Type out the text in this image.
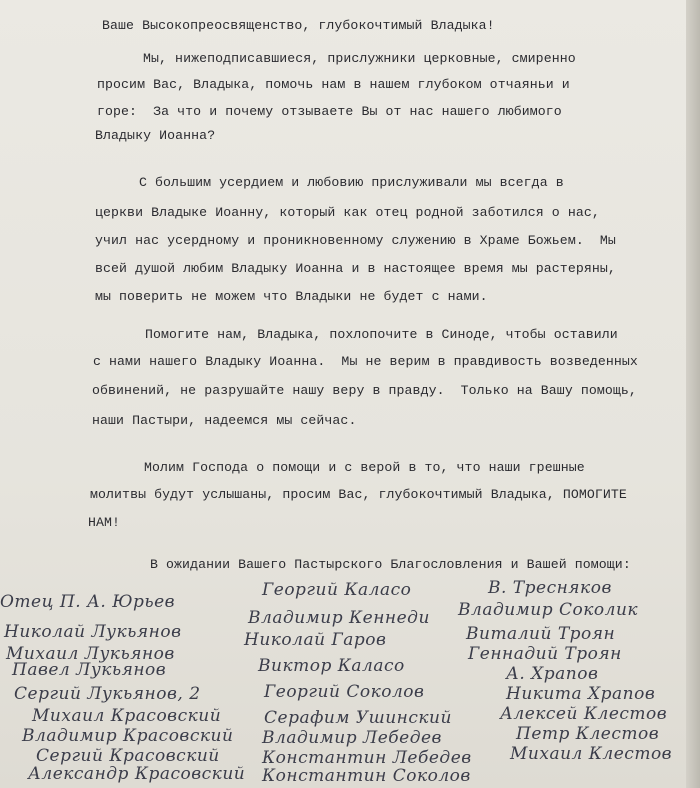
Ваше Высокопреосвященство, глубокочтимый Владыка!
Мы, нижеподписавшиеся, прислужники церковные, смиренно
просим Вас, Владыка, помочь нам в нашем глубоком отчаяньи и
горе:  За что и почему отзываете Вы от нас нашего любимого
Владыку Иоанна?
С большим усердием и любовию прислуживали мы всегда в
церкви Владыке Иоанну, который как отец родной заботился о нас,
учил нас усердному и проникновенному служению в Храме Божьем.  Мы
всей душой любим Владыку Иоанна и в настоящее время мы растеряны,
мы поверить не можем что Владыки не будет с нами.
Помогите нам, Владыка, похлопочите в Синоде, чтобы оставили
с нами нашего Владыку Иоанна.  Мы не верим в правдивость возведенных
обвинений, не разрушайте нашу веру в правду.  Только на Вашу помощь,
наши Пастыри, надеемся мы сейчас.
Молим Господа о помощи и с верой в то, что наши грешные
молитвы будут услышаны, просим Вас, глубокочтимый Владыка, ПОМОГИТЕ
НАМ!
В ожидании Вашего Пастырского Благословления и Вашей помощи:
Отец П. А. Юрьев
Николай Лукьянов
Михаил Лукьянов
Павел Лукьянов
Сергий Лукьянов, 2
Михаил Красовский
Владимир Красовский
Сергий Красовский
Александр Красовский
Георгий Каласо
Владимир Кеннеди
Николай Гаров
Виктор Каласо
Георгий Соколов
Серафим Ушинский
Владимир Лебедев
Константин Лебедев
Константин Соколов
В. Тресняков
Владимир Соколик
Виталий Троян
Геннадий Троян
А. Храпов
Никита Храпов
Алексей Клестов
Петр Клестов
Михаил Клестов
